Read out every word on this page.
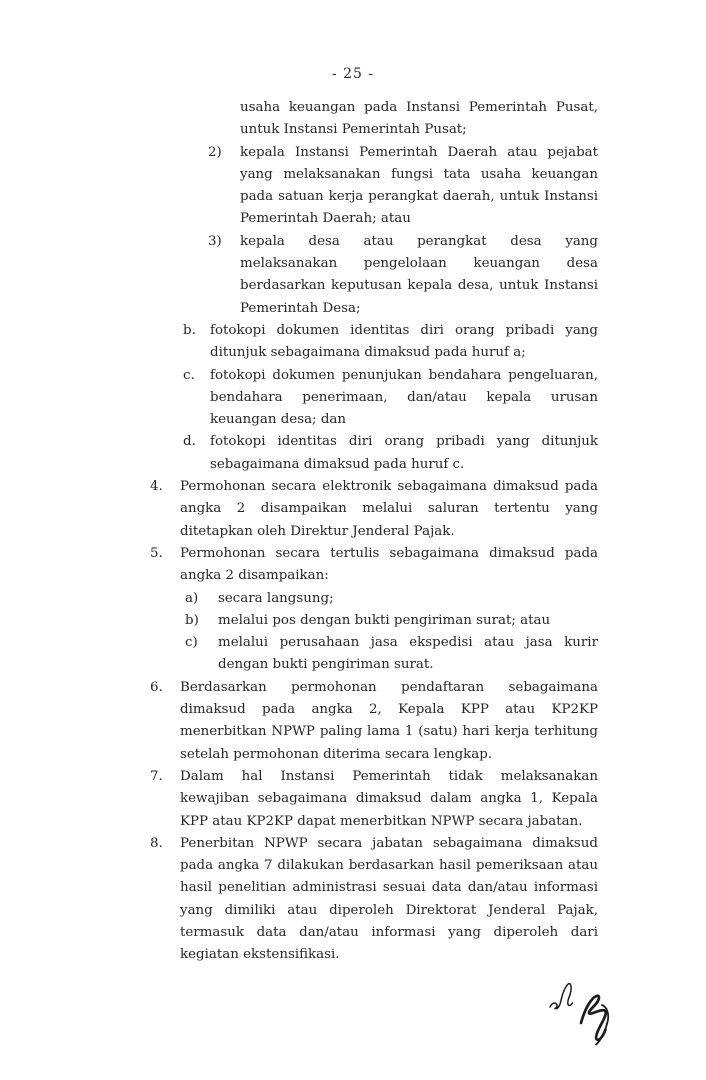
- 25 -
usaha keuangan pada Instansi Pemerintah Pusat, untuk Instansi Pemerintah Pusat;
2) kepala Instansi Pemerintah Daerah atau pejabat yang melaksanakan fungsi tata usaha keuangan pada satuan kerja perangkat daerah, untuk Instansi Pemerintah Daerah; atau
3) kepala desa atau perangkat desa yang melaksanakan pengelolaan keuangan desa berdasarkan keputusan kepala desa, untuk Instansi Pemerintah Desa;
b. fotokopi dokumen identitas diri orang pribadi yang ditunjuk sebagaimana dimaksud pada huruf a;
c. fotokopi dokumen penunjukan bendahara pengeluaran, bendahara penerimaan, dan/atau kepala urusan keuangan desa; dan
d. fotokopi identitas diri orang pribadi yang ditunjuk sebagaimana dimaksud pada huruf c.
4. Permohonan secara elektronik sebagaimana dimaksud pada angka 2 disampaikan melalui saluran tertentu yang ditetapkan oleh Direktur Jenderal Pajak.
5. Permohonan secara tertulis sebagaimana dimaksud pada angka 2 disampaikan:
a) secara langsung;
b) melalui pos dengan bukti pengiriman surat; atau
c) melalui perusahaan jasa ekspedisi atau jasa kurir dengan bukti pengiriman surat.
6. Berdasarkan permohonan pendaftaran sebagaimana dimaksud pada angka 2, Kepala KPP atau KP2KP menerbitkan NPWP paling lama 1 (satu) hari kerja terhitung setelah permohonan diterima secara lengkap.
7. Dalam hal Instansi Pemerintah tidak melaksanakan kewajiban sebagaimana dimaksud dalam angka 1, Kepala KPP atau KP2KP dapat menerbitkan NPWP secara jabatan.
8. Penerbitan NPWP secara jabatan sebagaimana dimaksud pada angka 7 dilakukan berdasarkan hasil pemeriksaan atau hasil penelitian administrasi sesuai data dan/atau informasi yang dimiliki atau diperoleh Direktorat Jenderal Pajak, termasuk data dan/atau informasi yang diperoleh dari kegiatan ekstensifikasi.
